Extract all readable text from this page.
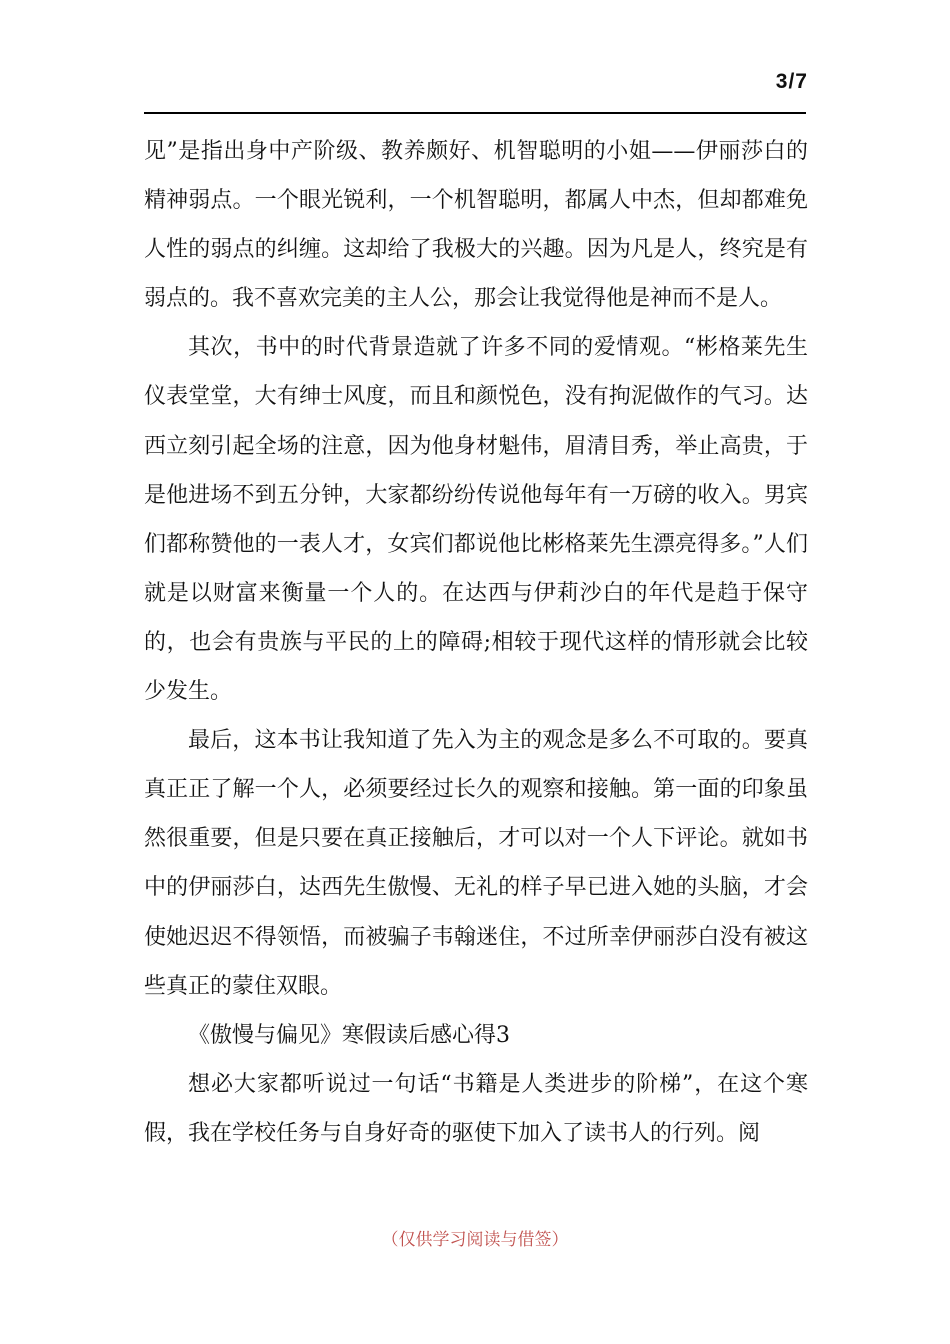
3/7

见”是指出身中产阶级、教养颇好、机智聪明的小姐——伊丽莎白的精神弱点。一个眼光锐利，一个机智聪明，都属人中杰，但却都难免人性的弱点的纠缠。这却给了我极大的兴趣。因为凡是人，终究是有弱点的。我不喜欢完美的主人公，那会让我觉得他是神而不是人。

其次，书中的时代背景造就了许多不同的爱情观。“彬格莱先生仪表堂堂，大有绅士风度，而且和颜悦色，没有拘泥做作的气习。达西立刻引起全场的注意，因为他身材魁伟，眉清目秀，举止高贵，于是他进场不到五分钟，大家都纷纷传说他每年有一万磅的收入。男宾们都称赞他的一表人才，女宾们都说他比彬格莱先生漂亮得多。”人们就是以财富来衡量一个人的。在达西与伊莉沙白的年代是趋于保守的，也会有贵族与平民的上的障碍;相较于现代这样的情形就会比较少发生。

最后，这本书让我知道了先入为主的观念是多么不可取的。要真真正正了解一个人，必须要经过长久的观察和接触。第一面的印象虽然很重要，但是只要在真正接触后，才可以对一个人下评论。就如书中的伊丽莎白，达西先生傲慢、无礼的样子早已进入她的头脑，才会使她迟迟不得领悟，而被骗子韦翰迷住，不过所幸伊丽莎白没有被这些真正的蒙住双眼。

《傲慢与偏见》寒假读后感心得3

想必大家都听说过一句话“书籍是人类进步的阶梯”，在这个寒假，我在学校任务与自身好奇的驱使下加入了读书人的行列。阅

（仅供学习阅读与借签）
